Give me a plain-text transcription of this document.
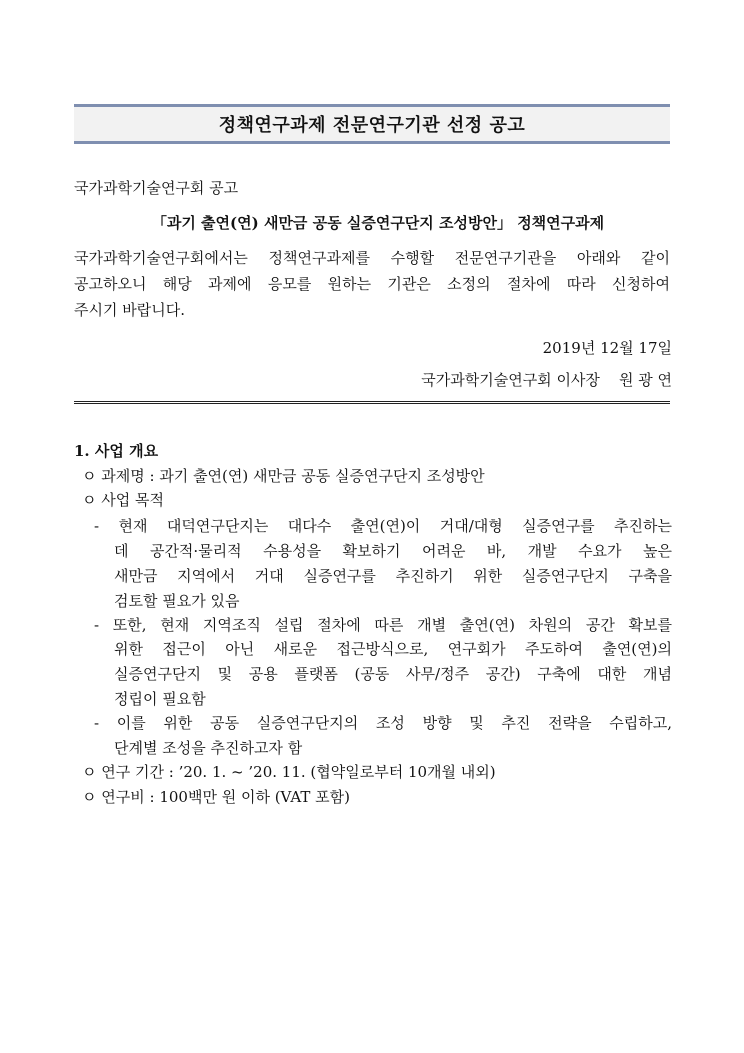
정책연구과제 전문연구기관 선정 공고
국가과학기술연구회 공고
「과기 출연(연) 새만금 공동 실증연구단지 조성방안」 정책연구과제
국가과학기술연구회에서는 정책연구과제를 수행할 전문연구기관을 아래와 같이
공고하오니 해당 과제에 응모를 원하는 기관은 소정의 절차에 따라 신청하여
주시기 바랍니다.
2019년 12월 17일
국가과학기술연구회 이사장    원 광 연
1. 사업 개요
ㅇ 과제명 : 과기 출연(연) 새만금 공동 실증연구단지 조성방안
ㅇ 사업 목적
- 현재 대덕연구단지는 대다수 출연(연)이 거대/대형 실증연구를 추진하는
데 공간적·물리적 수용성을 확보하기 어려운 바, 개발 수요가 높은
새만금 지역에서 거대 실증연구를 추진하기 위한 실증연구단지 구축을
검토할 필요가 있음
- 또한, 현재 지역조직 설립 절차에 따른 개별 출연(연) 차원의 공간 확보를
위한 접근이 아닌 새로운 접근방식으로, 연구회가 주도하여 출연(연)의
실증연구단지 및 공용 플랫폼 (공동 사무/정주 공간) 구축에 대한 개념
정립이 필요함
- 이를 위한 공동 실증연구단지의 조성 방향 및 추진 전략을 수립하고,
단계별 조성을 추진하고자 함
ㅇ 연구 기간 : ’20. 1. ~ ’20. 11. (협약일로부터 10개월 내외)
ㅇ 연구비 : 100백만 원 이하 (VAT 포함)
